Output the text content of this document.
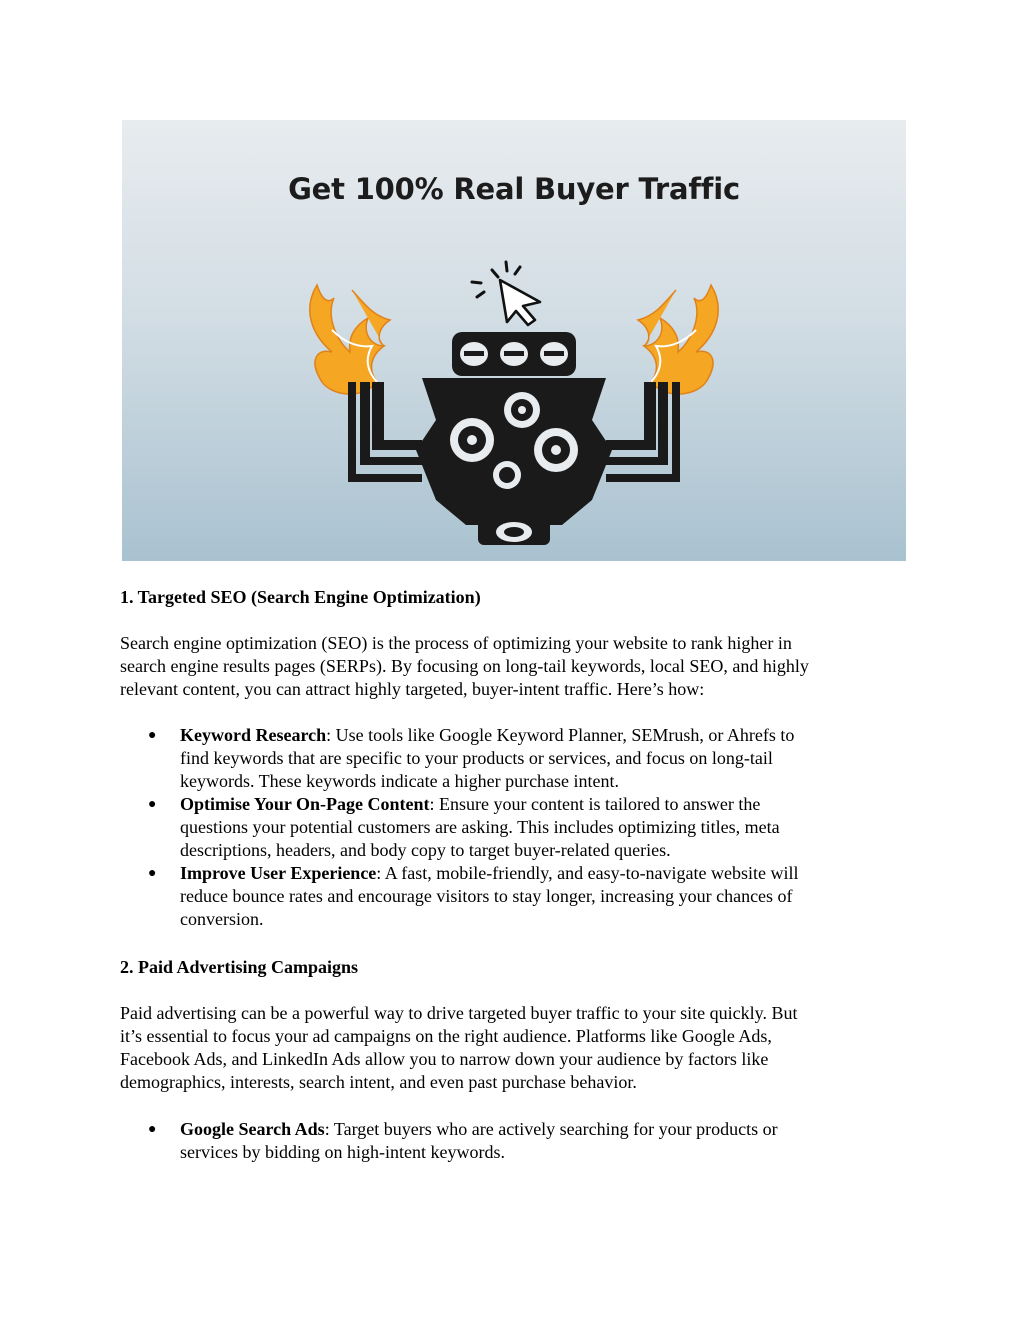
Get 100% Real Buyer Traffic
1. Targeted SEO (Search Engine Optimization)

Search engine optimization (SEO) is the process of optimizing your website to rank higher in

search engine results pages (SERPs). By focusing on long-tail keywords, local SEO, and highly

relevant content, you can attract highly targeted, buyer-intent traffic. Here’s how:

● Keyword Research: Use tools like Google Keyword Planner, SEMrush, or Ahrefs to
find keywords that are specific to your products or services, and focus on long-tail
keywords. These keywords indicate a higher purchase intent.
● Optimise Your On-Page Content: Ensure your content is tailored to answer the
questions your potential customers are asking. This includes optimizing titles, meta
descriptions, headers, and body copy to target buyer-related queries.
● Improve User Experience: A fast, mobile-friendly, and easy-to-navigate website will
reduce bounce rates and encourage visitors to stay longer, increasing your chances of
conversion.
2. Paid Advertising Campaigns

Paid advertising can be a powerful way to drive targeted buyer traffic to your site quickly. But

it’s essential to focus your ad campaigns on the right audience. Platforms like Google Ads,

Facebook Ads, and LinkedIn Ads allow you to narrow down your audience by factors like

demographics, interests, search intent, and even past purchase behavior.

● Google Search Ads: Target buyers who are actively searching for your products or
services by bidding on high-intent keywords.
